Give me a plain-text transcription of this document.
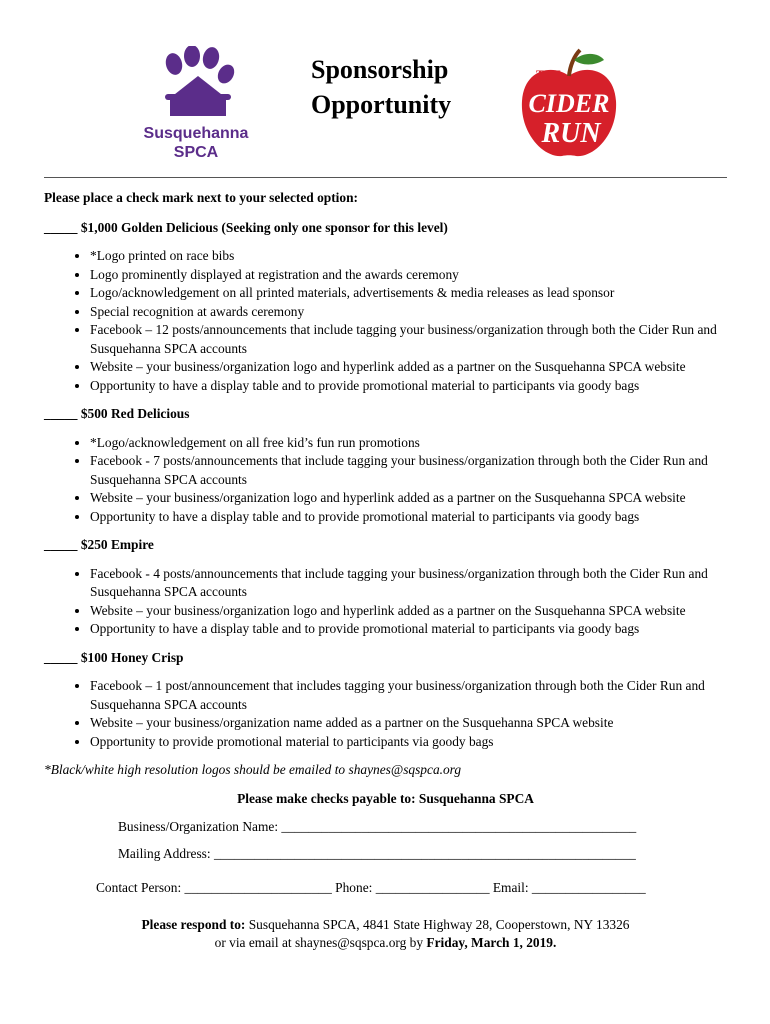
Susquehanna
SPCA
Sponsorship
Opportunity
THE
CIDER
RUN

Please place a check mark next to your selected option:

_____ $1,000 Golden Delicious (Seeking only one sponsor for this level)

• *Logo printed on race bibs
• Logo prominently displayed at registration and the awards ceremony
• Logo/acknowledgement on all printed materials, advertisements & media releases as lead sponsor
• Special recognition at awards ceremony
• Facebook – 12 posts/announcements that include tagging your business/organization through both the Cider Run and Susquehanna SPCA accounts
• Website – your business/organization logo and hyperlink added as a partner on the Susquehanna SPCA website
• Opportunity to have a display table and to provide promotional material to participants via goody bags

_____ $500 Red Delicious

• *Logo/acknowledgement on all free kid’s fun run promotions
• Facebook - 7 posts/announcements that include tagging your business/organization through both the Cider Run and Susquehanna SPCA accounts
• Website – your business/organization logo and hyperlink added as a partner on the Susquehanna SPCA website
• Opportunity to have a display table and to provide promotional material to participants via goody bags

_____ $250 Empire

• Facebook - 4 posts/announcements that include tagging your business/organization through both the Cider Run and Susquehanna SPCA accounts
• Website – your business/organization logo and hyperlink added as a partner on the Susquehanna SPCA website
• Opportunity to have a display table and to provide promotional material to participants via goody bags

_____ $100 Honey Crisp

• Facebook – 1 post/announcement that includes tagging your business/organization through both the Cider Run and Susquehanna SPCA accounts
• Website – your business/organization name added as a partner on the Susquehanna SPCA website
• Opportunity to provide promotional material to participants via goody bags

*Black/white high resolution logos should be emailed to shaynes@sqspca.org

Please make checks payable to: Susquehanna SPCA

Business/Organization Name: _____________________________________________________

Mailing Address: _______________________________________________________________

Contact Person: ______________________ Phone: _________________ Email: _________________

Please respond to: Susquehanna SPCA, 4841 State Highway 28, Cooperstown, NY 13326
or via email at shaynes@sqspca.org by Friday, March 1, 2019.
